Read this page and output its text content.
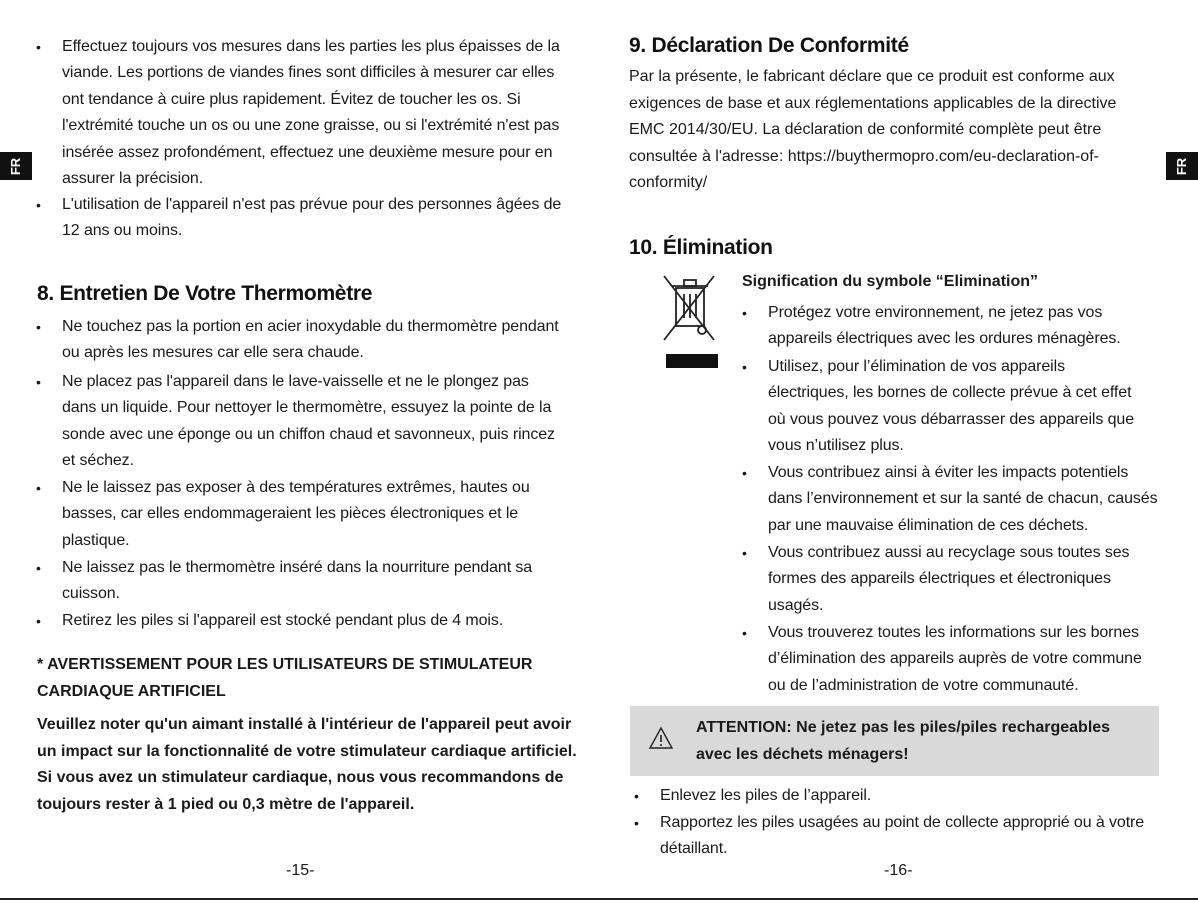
FR	FR

• Effectuez toujours vos mesures dans les parties les plus épaisses de la viande. Les portions de viandes fines sont difficiles à mesurer car elles ont tendance à cuire plus rapidement. Évitez de toucher les os. Si l'extrémité touche un os ou une zone graisse, ou si l'extrémité n'est pas insérée assez profondément, effectuez une deuxième mesure pour en assurer la précision.

• L'utilisation de l'appareil n'est pas prévue pour des personnes âgées de 12 ans ou moins.

8. Entretien De Votre Thermomètre

• Ne touchez pas la portion en acier inoxydable du thermomètre pendant ou après les mesures car elle sera chaude.

• Ne placez pas l'appareil dans le lave-vaisselle et ne le plongez pas dans un liquide. Pour nettoyer le thermomètre, essuyez la pointe de la sonde avec une éponge ou un chiffon chaud et savonneux, puis rincez et séchez.

• Ne le laissez pas exposer à des températures extrêmes, hautes ou basses, car elles endommageraient les pièces électroniques et le plastique.

• Ne laissez pas le thermomètre inséré dans la nourriture pendant sa cuisson.

• Retirez les piles si l'appareil est stocké pendant plus de 4 mois.

* AVERTISSEMENT POUR LES UTILISATEURS DE STIMULATEUR CARDIAQUE ARTIFICIEL

Veuillez noter qu'un aimant installé à l'intérieur de l'appareil peut avoir un impact sur la fonctionnalité de votre stimulateur cardiaque artificiel. Si vous avez un stimulateur cardiaque, nous vous recommandons de toujours rester à 1 pied ou 0,3 mètre de l'appareil.

-15-
9. Déclaration De Conformité

Par la présente, le fabricant déclare que ce produit est conforme aux exigences de base et aux réglementations applicables de la directive EMC 2014/30/EU. La déclaration de conformité complète peut être consultée à l'adresse: https://buythermopro.com/eu-declaration-of-conformity/

10. Élimination

Signification du symbole “Elimination”

• Protégez votre environnement, ne jetez pas vos appareils électriques avec les ordures ménagères.

• Utilisez, pour l’élimination de vos appareils électriques, les bornes de collecte prévue à cet effet où vous pouvez vous débarrasser des appareils que vous n’utilisez plus.

• Vous contribuez ainsi à éviter les impacts potentiels dans l’environnement et sur la santé de chacun, causés par une mauvaise élimination de ces déchets.

• Vous contribuez aussi au recyclage sous toutes ses formes des appareils électriques et électroniques usagés.

• Vous trouverez toutes les informations sur les bornes d’élimination des appareils auprès de votre commune ou de l’administration de votre communauté.

-16-

ATTENTION: Ne jetez pas les piles/piles rechargeables avec les déchets ménagers!

• Enlevez les piles de l’appareil.

• Rapportez les piles usagées au point de collecte approprié ou à votre détaillant.
